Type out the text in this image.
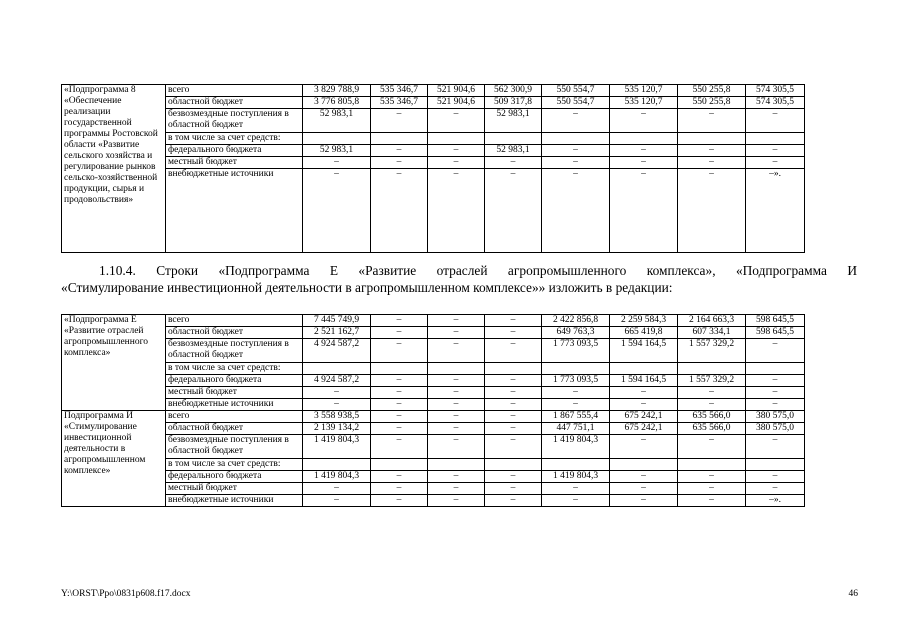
«Подпрограмма 8 «Обеспечение реализации государственной программы Ростовской области «Развитие сельского хозяйства и регулирование рынков сельско-хозяйственной продукции, сырья и продовольствия»	всего	3 829 788,9	535 346,7	521 904,6	562 300,9	550 554,7	535 120,7	550 255,8	574 305,5
	областной бюджет	3 776 805,8	535 346,7	521 904,6	509 317,8	550 554,7	535 120,7	550 255,8	574 305,5
	безвозмездные поступления в областной бюджет	52 983,1	–	–	52 983,1	–	–	–	–
	в том числе за счет средств:								
	федерального бюджета	52 983,1	–	–	52 983,1	–	–	–	–
	местный бюджет	–	–	–	–	–	–	–	–
	внебюджетные источники	–	–	–	–	–	–	–	–».
1.10.4. Строки «Подпрограмма Е «Развитие отраслей агропромышленного комплекса», «Подпрограмма И
«Стимулирование инвестиционной деятельности в агропромышленном комплексе»» изложить в редакции:
«Подпрограмма Е «Развитие отраслей агропромышленного комплекса»	всего	7 445 749,9	–	–	–	2 422 856,8	2 259 584,3	2 164 663,3	598 645,5
	областной бюджет	2 521 162,7	–	–	–	649 763,3	665 419,8	607 334,1	598 645,5
	безвозмездные поступления в областной бюджет	4 924 587,2	–	–	–	1 773 093,5	1 594 164,5	1 557 329,2	–
	в том числе за счет средств:								
	федерального бюджета	4 924 587,2	–	–	–	1 773 093,5	1 594 164,5	1 557 329,2	–
	местный бюджет	–	–	–	–	–	–	–	–
	внебюджетные источники	–	–	–	–	–	–	–	–
Подпрограмма И «Стимулирование инвестиционной деятельности в агропромышленном комплексе»	всего	3 558 938,5	–	–	–	1 867 555,4	675 242,1	635 566,0	380 575,0
	областной бюджет	2 139 134,2	–	–	–	447 751,1	675 242,1	635 566,0	380 575,0
	безвозмездные поступления в областной бюджет	1 419 804,3	–	–	–	1 419 804,3	–	–	–
	в том числе за счет средств:								
	федерального бюджета	1 419 804,3	–	–	–	1 419 804,3	–	–	–
	местный бюджет	–	–	–	–	–	–	–	–
	внебюджетные источники	–	–	–	–	–	–	–	–».
Y:\ORST\Ppo\0831p608.f17.docx	46
